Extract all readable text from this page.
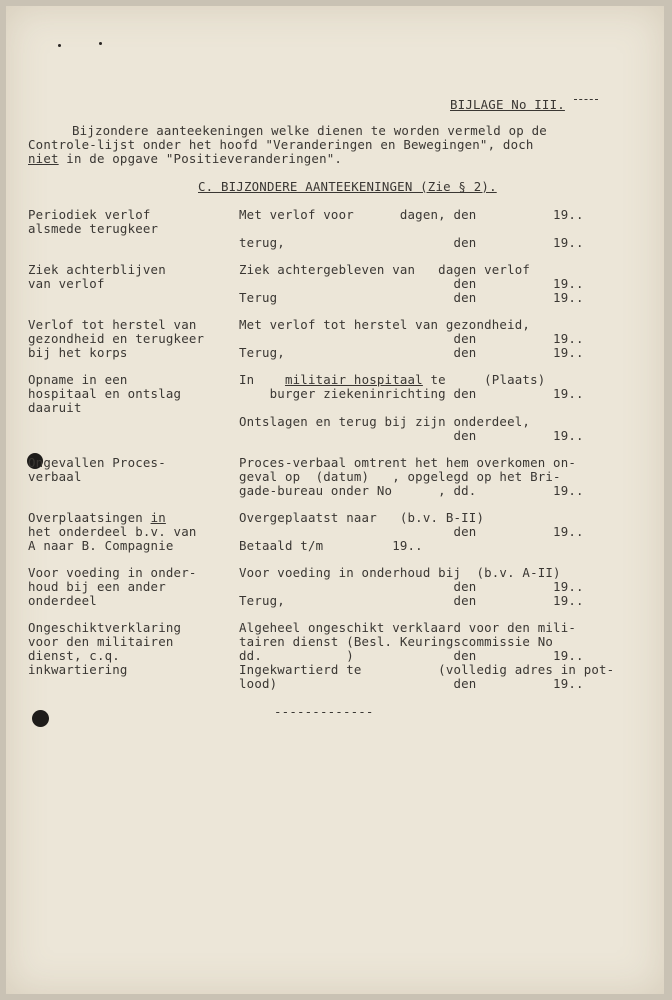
BIJLAGE No III.
Bijzondere aanteekeningen welke dienen te worden vermeld op de
Controle-lijst onder het hoofd "Veranderingen en Bewegingen", doch
niet in de opgave "Positieveranderingen".
C. BIJZONDERE AANTEEKENINGEN (Zie § 2).
Periodiek verlof
alsmede terugkeer
Met verlof voor      dagen, den          19..
terug,                      den          19..
Ziek achterblijven
van verlof
Ziek achtergebleven van   dagen verlof
den          19..
Terug                       den          19..
Verlof tot herstel van
gezondheid en terugkeer
bij het korps
Met verlof tot herstel van gezondheid,
den          19..
Terug,                      den          19..
Opname in een
hospitaal en ontslag
daaruit
In militair hospitaal te     (Plaats)
burger ziekeninrichting den          19..
Ontslagen en terug bij zijn onderdeel,
den          19..
Ongevallen Proces-
verbaal
Proces-verbaal omtrent het hem overkomen on-
geval op  (datum)   , opgelegd op het Bri-
gade-bureau onder No      , dd.          19..
Overplaatsingen in
het onderdeel b.v. van
A naar B. Compagnie
Overgeplaatst naar   (b.v. B-II)
den          19..
Betaald t/m         19..
Voor voeding in onder-
houd bij een ander
onderdeel
Voor voeding in onderhoud bij  (b.v. A-II)
den          19..
Terug,                      den          19..
Ongeschiktverklaring
voor den militairen
dienst, c.q.
inkwartiering
Algeheel ongeschikt verklaard voor den mili-
tairen dienst (Besl. Keuringscommissie No
dd.           )             den          19..
Ingekwartierd te          (volledig adres in pot-
lood)                       den          19..
-------------
